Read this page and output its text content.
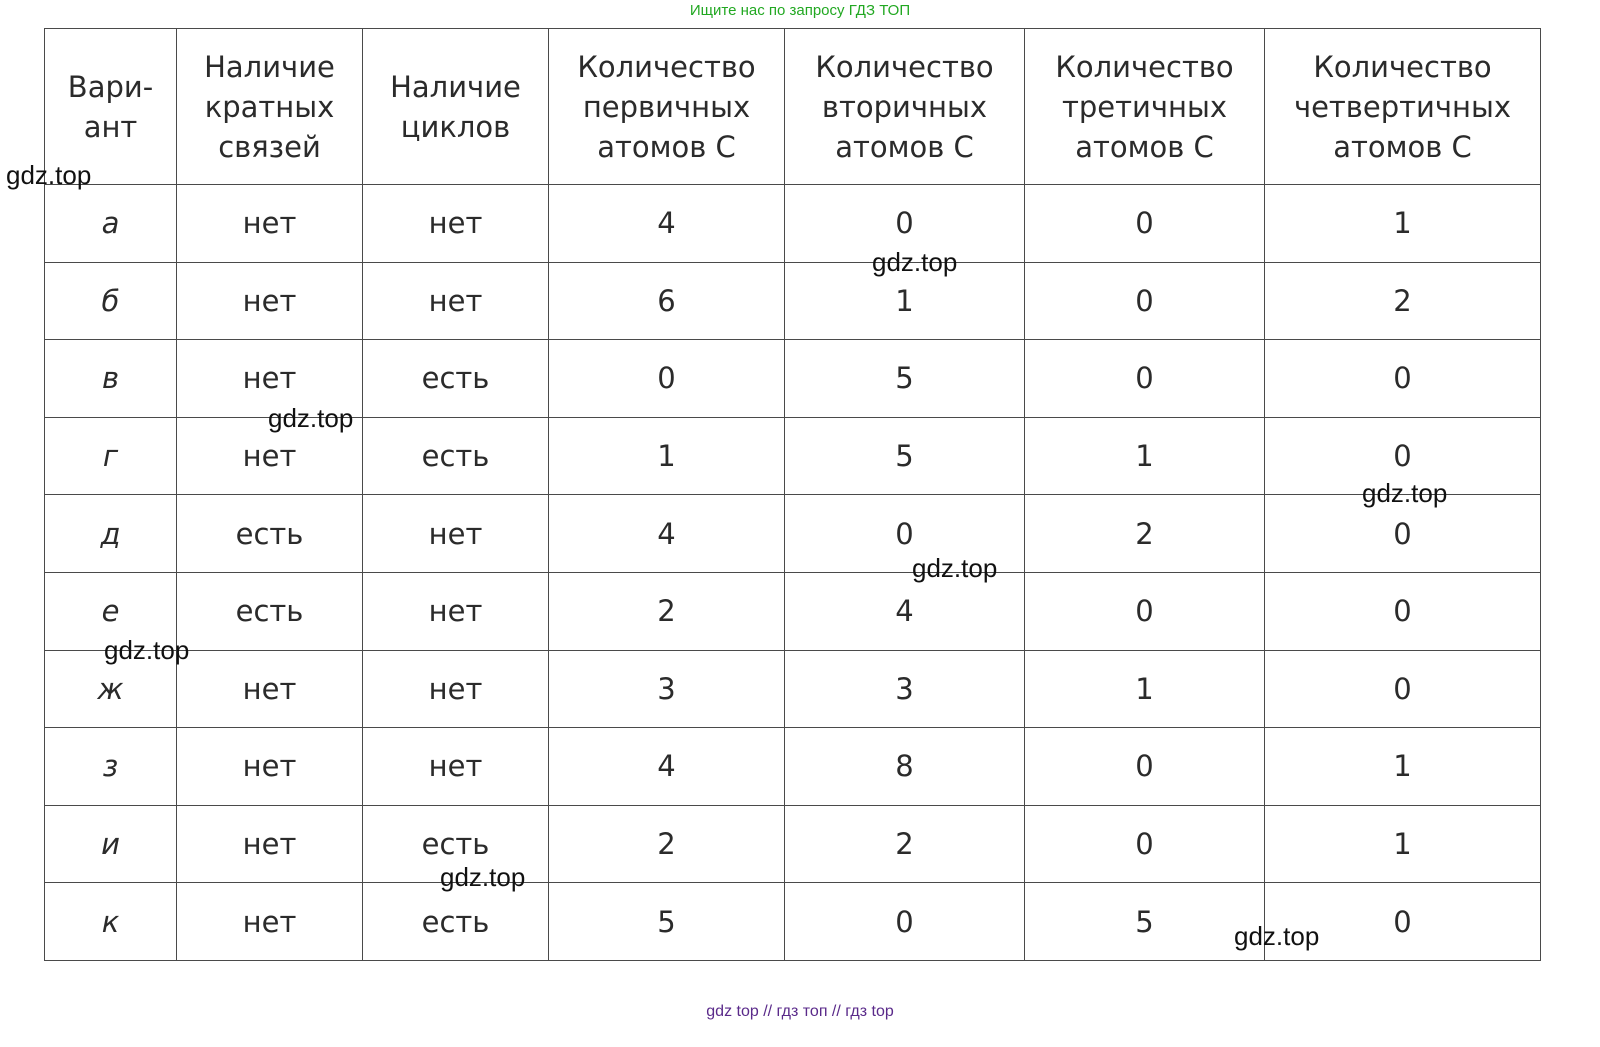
Ищите нас по запросу ГДЗ ТОП
Вари-
ант	Наличие
кратных
связей	Наличие
циклов	Количество
первичных
атомов С	Количество
вторичных
атомов С	Количество
третичных
атомов С	Количество
четвертичных
атомов С
а	нет	нет	4	0	0	1
б	нет	нет	6	1	0	2
в	нет	есть	0	5	0	0
г	нет	есть	1	5	1	0
д	есть	нет	4	0	2	0
е	есть	нет	2	4	0	0
ж	нет	нет	3	3	1	0
з	нет	нет	4	8	0	1
и	нет	есть	2	2	0	1
к	нет	есть	5	0	5	0
gdz.top
gdz.top
gdz.top
gdz.top
gdz.top
gdz.top
gdz.top
gdz.top
gdz top // гдз топ // гдз top
